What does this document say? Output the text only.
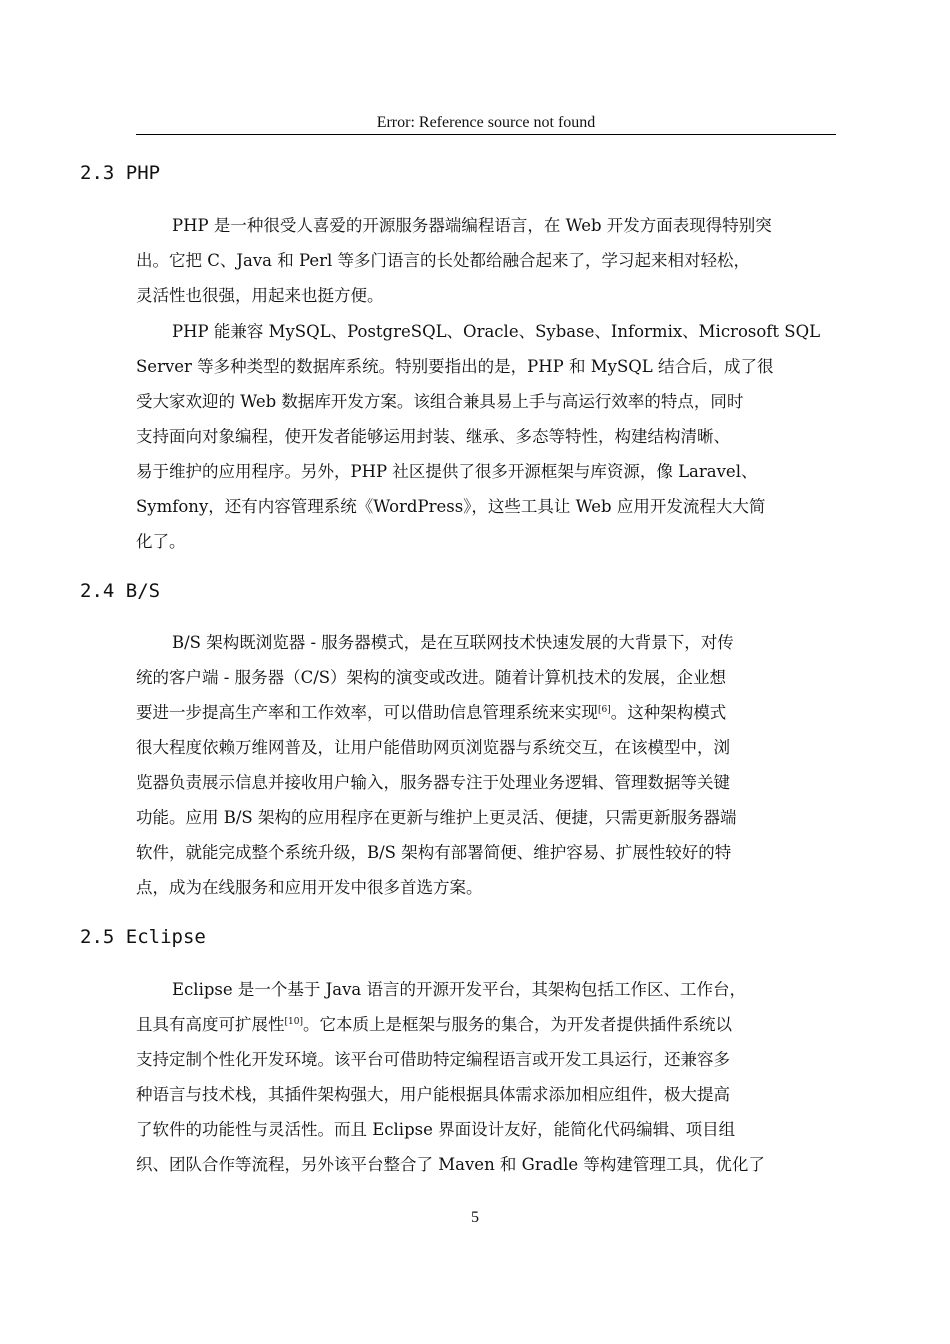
Error: Reference source not found
2.3 PHP
PHP 是一种很受人喜爱的开源服务器端编程语言，在 Web 开发方面表现得特别突
出。它把 C、Java 和 Perl 等多门语言的长处都给融合起来了，学习起来相对轻松，
灵活性也很强，用起来也挺方便。
PHP 能兼容 MySQL、PostgreSQL、Oracle、Sybase、Informix、Microsoft SQL
Server 等多种类型的数据库系统。特别要指出的是，PHP 和 MySQL 结合后，成了很
受大家欢迎的 Web 数据库开发方案。该组合兼具易上手与高运行效率的特点，同时
支持面向对象编程，使开发者能够运用封装、继承、多态等特性，构建结构清晰、
易于维护的应用程序。另外，PHP 社区提供了很多开源框架与库资源，像 Laravel、
Symfony，还有内容管理系统《WordPress》，这些工具让 Web 应用开发流程大大简
化了。
2.4 B/S
B/S 架构既浏览器 - 服务器模式，是在互联网技术快速发展的大背景下，对传
统的客户端 - 服务器（C/S）架构的演变或改进。随着计算机技术的发展，企业想
要进一步提高生产率和工作效率，可以借助信息管理系统来实现[6]。这种架构模式
很大程度依赖万维网普及，让用户能借助网页浏览器与系统交互，在该模型中，浏
览器负责展示信息并接收用户输入，服务器专注于处理业务逻辑、管理数据等关键
功能。应用 B/S 架构的应用程序在更新与维护上更灵活、便捷，只需更新服务器端
软件，就能完成整个系统升级，B/S 架构有部署简便、维护容易、扩展性较好的特
点，成为在线服务和应用开发中很多首选方案。
2.5 Eclipse
Eclipse 是一个基于 Java 语言的开源开发平台，其架构包括工作区、工作台，
且具有高度可扩展性[10]。它本质上是框架与服务的集合，为开发者提供插件系统以
支持定制个性化开发环境。该平台可借助特定编程语言或开发工具运行，还兼容多
种语言与技术栈，其插件架构强大，用户能根据具体需求添加相应组件，极大提高
了软件的功能性与灵活性。而且 Eclipse 界面设计友好，能简化代码编辑、项目组
织、团队合作等流程，另外该平台整合了 Maven 和 Gradle 等构建管理工具，优化了
5
